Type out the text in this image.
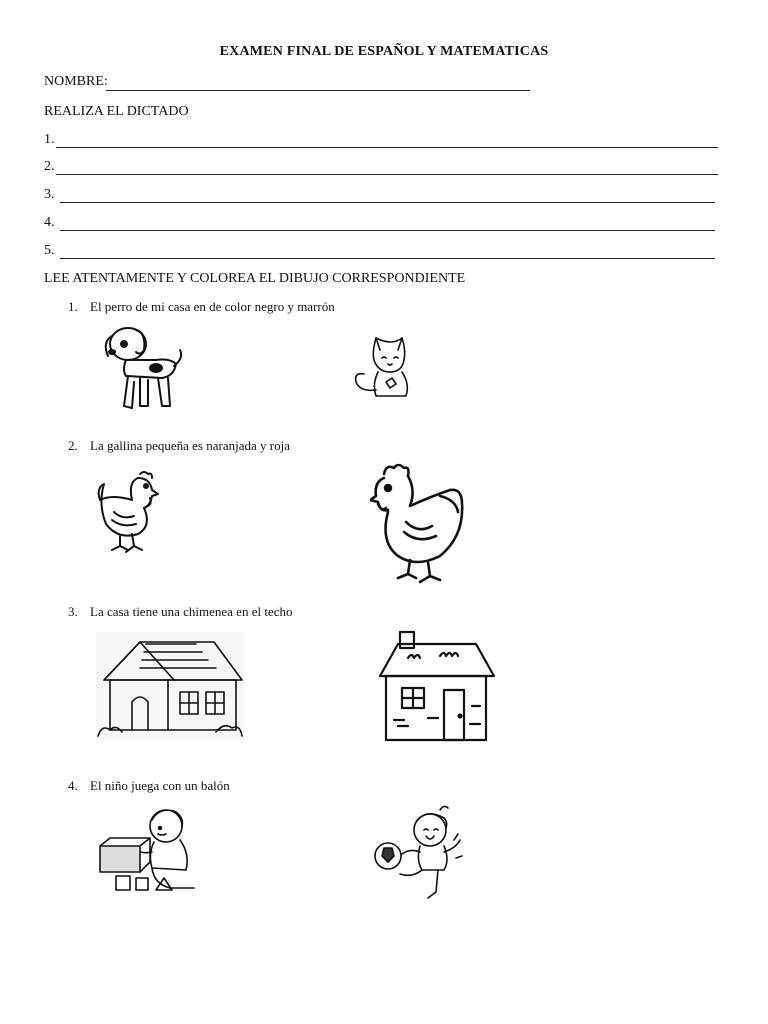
EXAMEN FINAL DE ESPAÑOL Y MATEMATICAS
NOMBRE:
REALIZA EL DICTADO
1.
2.
3.
4.
5.
LEE ATENTAMENTE Y COLOREA EL DIBUJO CORRESPONDIENTE
1. El perro de mi casa en de color negro y marrón
2. La gallina pequeña es naranjada y roja
3. La casa tiene una chimenea en el techo
4. El niño juega con un balón
